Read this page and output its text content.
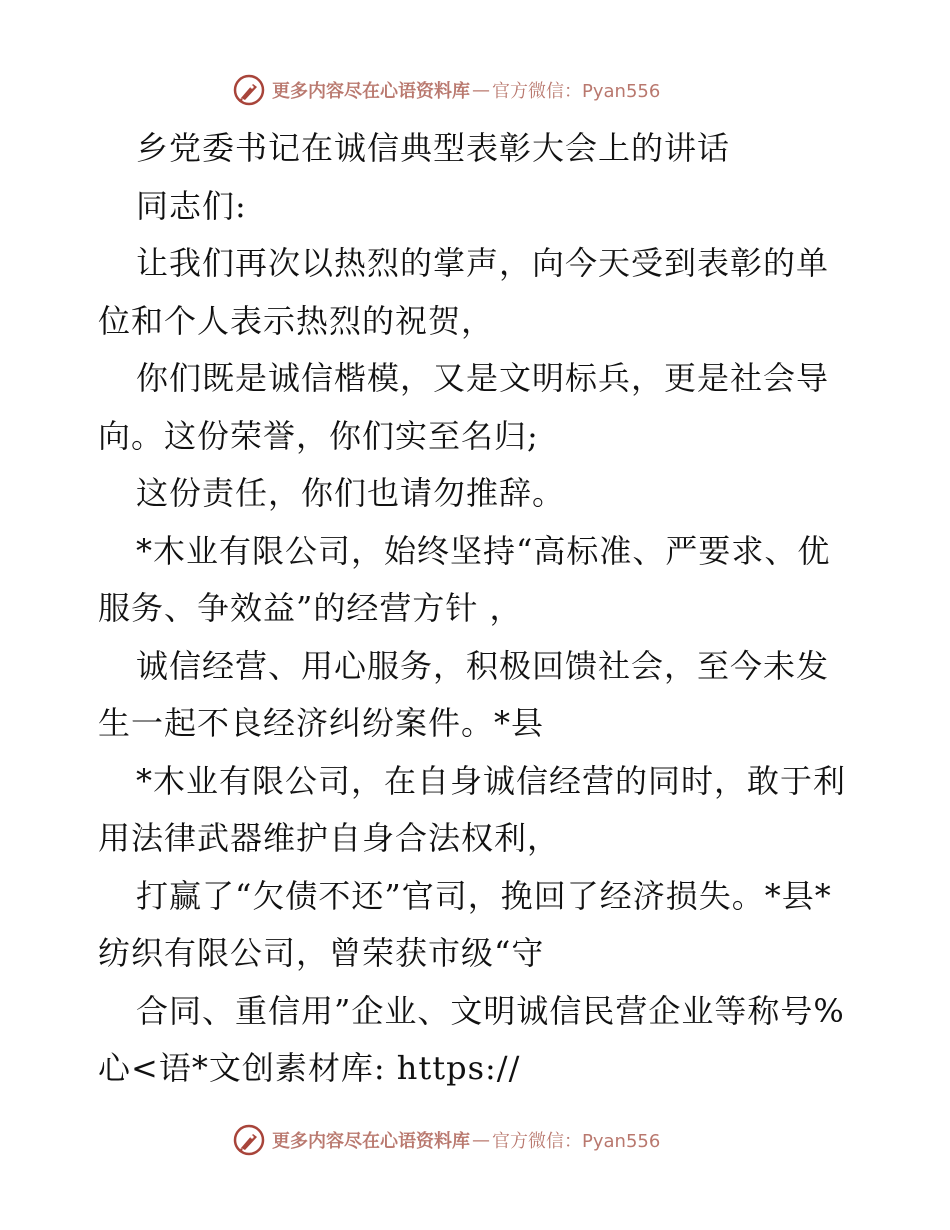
更多内容尽在心语资料库 — 官方微信：Pyan556

乡党委书记在诚信典型表彰大会上的讲话

同志们:

让我们再次以热烈的掌声，向今天受到表彰的单位和个人表示热烈的祝贺，

你们既是诚信楷模，又是文明标兵，更是社会导向。这份荣誉，你们实至名归;

这份责任，你们也请勿推辞。

*木业有限公司，始终坚持“高标准、严要求、优服务、争效益”的经营方针 ，

诚信经营、用心服务，积极回馈社会，至今未发生一起不良经济纠纷案件。*县

*木业有限公司，在自身诚信经营的同时，敢于利用法律武器维护自身合法权利，

打赢了“欠债不还”官司，挽回了经济损失。*县*纺织有限公司，曾荣获市级“守

合同、重信用”企业、文明诚信民营企业等称号%心<语*文创素材库: https://

更多内容尽在心语资料库 — 官方微信：Pyan556
